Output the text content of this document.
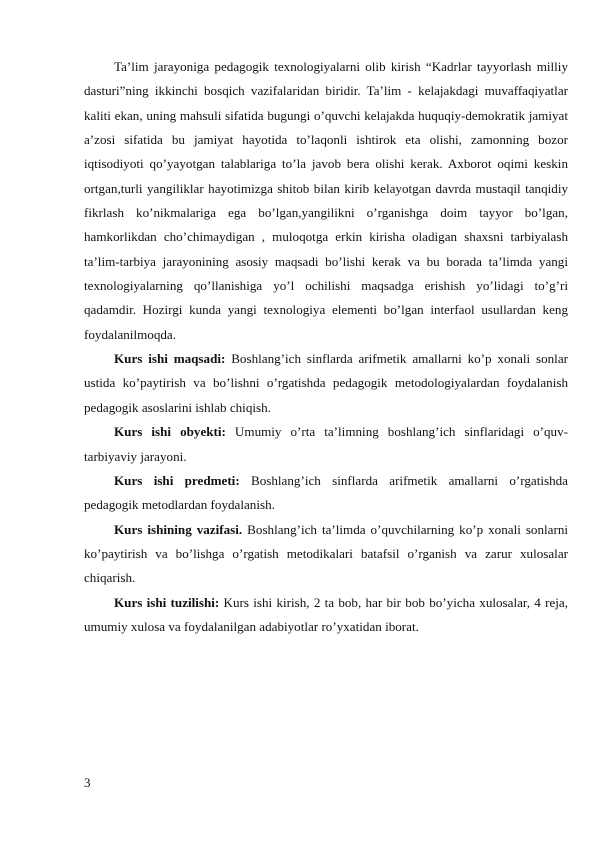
Ta’lim jarayoniga pedagogik texnologiyalarni olib kirish “Kadrlar tayyorlash milliy dasturi”ning ikkinchi bosqich vazifalaridan biridir. Ta’lim - kelajakdagi muvaffaqiyatlar kaliti ekan, uning mahsuli sifatida bugungi o’quvchi kelajakda huquqiy-demokratik jamiyat a’zosi sifatida bu jamiyat hayotida to’laqonli ishtirok eta olishi, zamonning bozor iqtisodiyoti qo’yayotgan talablariga to’la javob bera olishi kerak. Axborot oqimi keskin ortgan,turli yangiliklar hayotimizga shitob bilan kirib kelayotgan davrda mustaqil tanqidiy fikrlash ko’nikmalariga ega bo’lgan,yangilikni o’rganishga doim tayyor bo’lgan, hamkorlikdan cho’chimaydigan , muloqotga erkin kirisha oladigan shaxsni tarbiyalash ta’lim-tarbiya jarayonining asosiy maqsadi bo’lishi kerak va bu borada ta’limda yangi texnologiyalarning qo’llanishiga yo’l ochilishi maqsadga erishish yo’lidagi to’g’ri qadamdir. Hozirgi kunda yangi texnologiya elementi bo’lgan interfaol usullardan keng foydalanilmoqda.

Kurs ishi maqsadi: Boshlang’ich sinflarda arifmetik amallarni ko’p xonali sonlar ustida ko’paytirish va bo’lishni o’rgatishda pedagogik metodologiyalardan foydalanish pedagogik asoslarini ishlab chiqish.

Kurs ishi obyekti: Umumiy o’rta ta’limning boshlang’ich sinflaridagi o’quv-tarbiyaviy jarayoni.

Kurs ishi predmeti: Boshlang’ich sinflarda arifmetik amallarni o’rgatishda pedagogik metodlardan foydalanish.

Kurs ishining vazifasi. Boshlang’ich ta’limda o’quvchilarning ko’p xonali sonlarni ko’paytirish va bo’lishga o’rgatish metodikalari batafsil o’rganish va zarur xulosalar chiqarish.

Kurs ishi tuzilishi: Kurs ishi kirish, 2 ta bob, har bir bob bo’yicha xulosalar, 4 reja, umumiy xulosa va foydalanilgan adabiyotlar ro’yxatidan iborat.

3
